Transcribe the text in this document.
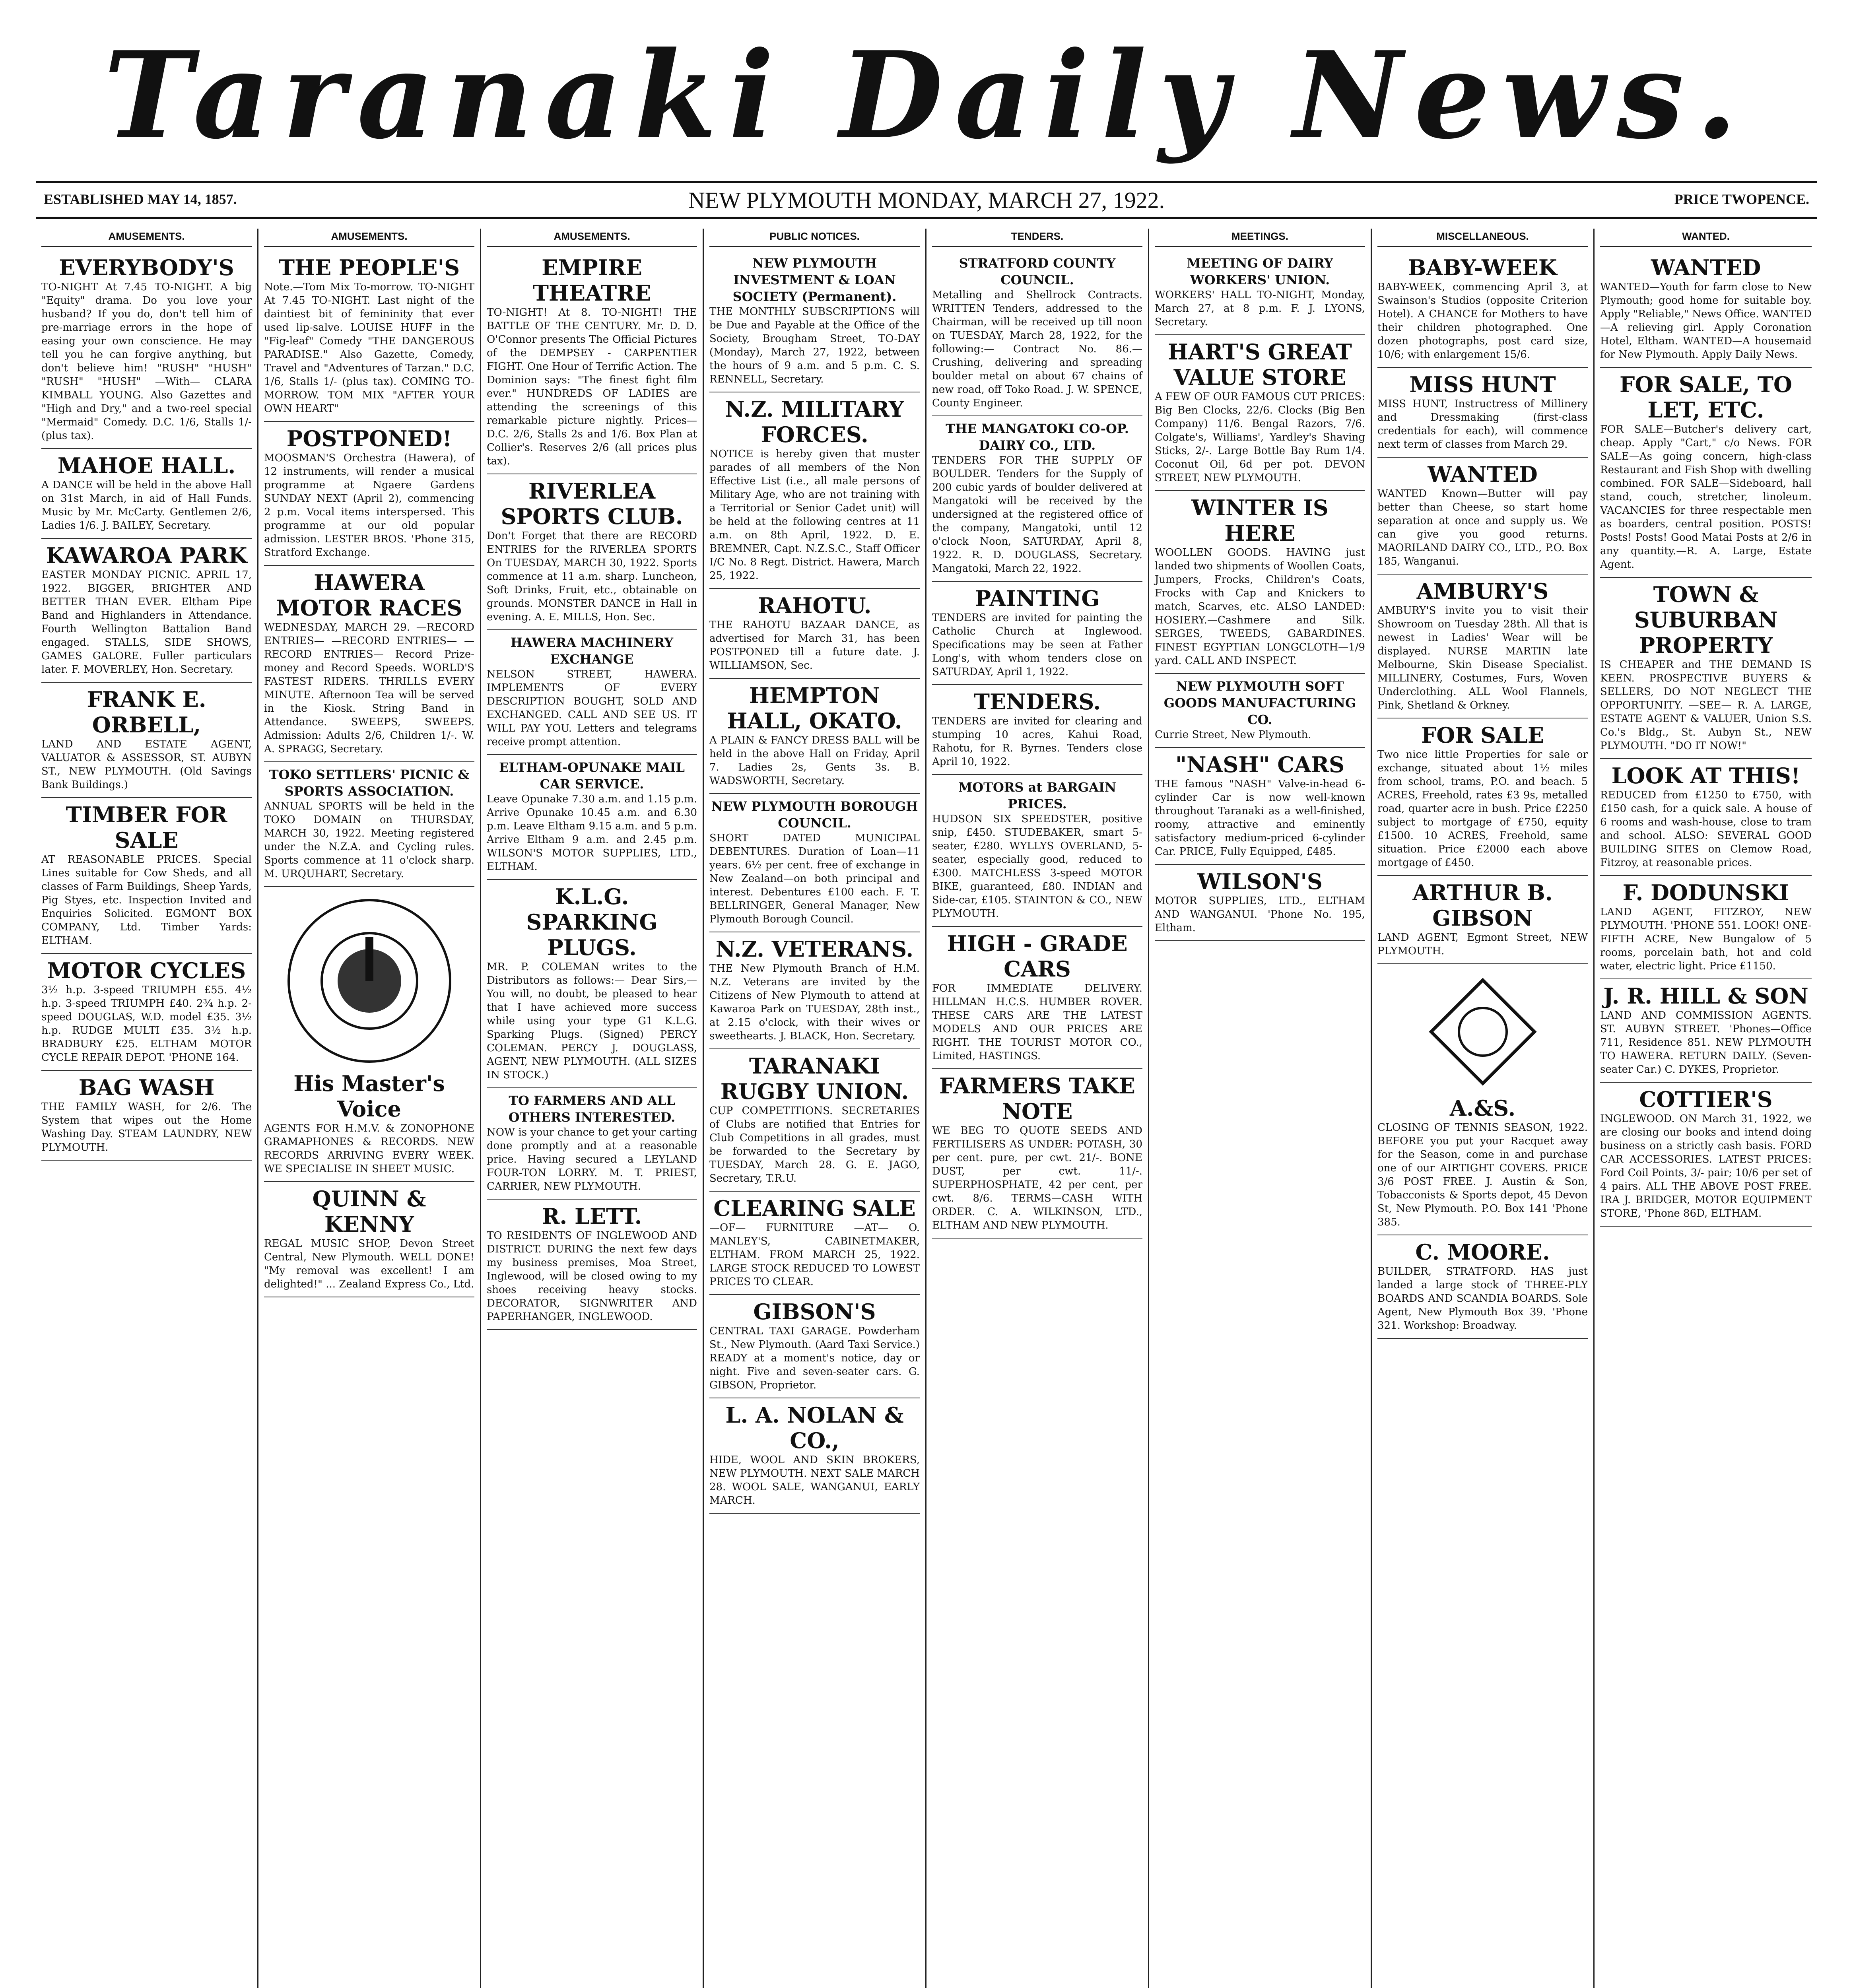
Taranaki Daily News.
ESTABLISHED MAY 14, 1857.	NEW PLYMOUTH MONDAY, MARCH 27, 1922.	PRICE TWOPENCE.
AMUSEMENTS.
EVERYBODY'S
TO-NIGHT At 7.45 TO-NIGHT. A big "Equity" drama. Do you love your husband? If you do, don't tell him of pre-marriage errors in the hope of easing your own conscience. He may tell you he can forgive anything, but don't believe him! "RUSH" "HUSH" "RUSH" "HUSH" —With— CLARA KIMBALL YOUNG. Also Gazettes and "High and Dry," and a two-reel special "Mermaid" Comedy. D.C. 1/6, Stalls 1/- (plus tax).
MAHOE HALL.
A DANCE will be held in the above Hall on 31st March, in aid of Hall Funds. Music by Mr. McCarty. Gentlemen 2/6, Ladies 1/6. J. BAILEY, Secretary.
KAWAROA PARK
EASTER MONDAY PICNIC. APRIL 17, 1922. BIGGER, BRIGHTER AND BETTER THAN EVER. Eltham Pipe Band and Highlanders in Attendance. Fourth Wellington Battalion Band engaged. STALLS, SIDE SHOWS, GAMES GALORE. Fuller particulars later. F. MOVERLEY, Hon. Secretary.
FRANK E. ORBELL,
LAND AND ESTATE AGENT, VALUATOR & ASSESSOR, ST. AUBYN ST., NEW PLYMOUTH. (Old Savings Bank Buildings.)
TIMBER FOR SALE
AT REASONABLE PRICES. Special Lines suitable for Cow Sheds, and all classes of Farm Buildings, Sheep Yards, Pig Styes, etc. Inspection Invited and Enquiries Solicited. EGMONT BOX COMPANY, Ltd. Timber Yards: ELTHAM.
MOTOR CYCLES
3½ h.p. 3-speed TRIUMPH £55. 4½ h.p. 3-speed TRIUMPH £40. 2¾ h.p. 2-speed DOUGLAS, W.D. model £35. 3½ h.p. RUDGE MULTI £35. 3½ h.p. BRADBURY £25. ELTHAM MOTOR CYCLE REPAIR DEPOT. 'PHONE 164.
BAG WASH
THE FAMILY WASH, for 2/6. The System that wipes out the Home Washing Day. STEAM LAUNDRY, NEW PLYMOUTH.
AMUSEMENTS.
THE PEOPLE'S
Note.—Tom Mix To-morrow. TO-NIGHT At 7.45 TO-NIGHT. Last night of the daintiest bit of femininity that ever used lip-salve. LOUISE HUFF in the "Fig-leaf" Comedy "THE DANGEROUS PARADISE." Also Gazette, Comedy, Travel and "Adventures of Tarzan." D.C. 1/6, Stalls 1/- (plus tax). COMING TO-MORROW. TOM MIX "AFTER YOUR OWN HEART"
POSTPONED!
MOOSMAN'S Orchestra (Hawera), of 12 instruments, will render a musical programme at Ngaere Gardens SUNDAY NEXT (April 2), commencing 2 p.m. Vocal items interspersed. This programme at our old popular admission. LESTER BROS. 'Phone 315, Stratford Exchange.
HAWERA MOTOR RACES
WEDNESDAY, MARCH 29. —RECORD ENTRIES— —RECORD ENTRIES— —RECORD ENTRIES— Record Prize-money and Record Speeds. WORLD'S FASTEST RIDERS. THRILLS EVERY MINUTE. Afternoon Tea will be served in the Kiosk. String Band in Attendance. SWEEPS, SWEEPS. Admission: Adults 2/6, Children 1/-. W. A. SPRAGG, Secretary.
TOKO SETTLERS' PICNIC & SPORTS ASSOCIATION.
ANNUAL SPORTS will be held in the TOKO DOMAIN on THURSDAY, MARCH 30, 1922. Meeting registered under the N.Z.A. and Cycling rules. Sports commence at 11 o'clock sharp. M. URQUHART, Secretary.
His Master's Voice
AGENTS FOR H.M.V. & ZONOPHONE GRAMAPHONES & RECORDS. NEW RECORDS ARRIVING EVERY WEEK. WE SPECIALISE IN SHEET MUSIC.
QUINN & KENNY
REGAL MUSIC SHOP, Devon Street Central, New Plymouth. WELL DONE! "My removal was excellent! I am delighted!" ... Zealand Express Co., Ltd.
AMUSEMENTS.
EMPIRE THEATRE
TO-NIGHT! At 8. TO-NIGHT! THE BATTLE OF THE CENTURY. Mr. D. D. O'Connor presents The Official Pictures of the DEMPSEY - CARPENTIER FIGHT. One Hour of Terrific Action. The Dominion says: "The finest fight film ever." HUNDREDS OF LADIES are attending the screenings of this remarkable picture nightly. Prices—D.C. 2/6, Stalls 2s and 1/6. Box Plan at Collier's. Reserves 2/6 (all prices plus tax).
RIVERLEA SPORTS CLUB.
Don't Forget that there are RECORD ENTRIES for the RIVERLEA SPORTS On TUESDAY, MARCH 30, 1922. Sports commence at 11 a.m. sharp. Luncheon, Soft Drinks, Fruit, etc., obtainable on grounds. MONSTER DANCE in Hall in evening. A. E. MILLS, Hon. Sec.
HAWERA MACHINERY EXCHANGE
NELSON STREET, HAWERA. IMPLEMENTS OF EVERY DESCRIPTION BOUGHT, SOLD AND EXCHANGED. CALL AND SEE US. IT WILL PAY YOU. Letters and telegrams receive prompt attention.
ELTHAM-OPUNAKE MAIL CAR SERVICE.
Leave Opunake 7.30 a.m. and 1.15 p.m. Arrive Opunake 10.45 a.m. and 6.30 p.m. Leave Eltham 9.15 a.m. and 5 p.m. Arrive Eltham 9 a.m. and 2.45 p.m. WILSON'S MOTOR SUPPLIES, LTD., ELTHAM.
K.L.G. SPARKING PLUGS.
MR. P. COLEMAN writes to the Distributors as follows:— Dear Sirs,—You will, no doubt, be pleased to hear that I have achieved more success while using your type G1 K.L.G. Sparking Plugs. (Signed) PERCY COLEMAN. PERCY J. DOUGLASS, AGENT, NEW PLYMOUTH. (ALL SIZES IN STOCK.)
TO FARMERS AND ALL OTHERS INTERESTED.
NOW is your chance to get your carting done promptly and at a reasonable price. Having secured a LEYLAND FOUR-TON LORRY. M. T. PRIEST, CARRIER, NEW PLYMOUTH.
R. LETT.
TO RESIDENTS OF INGLEWOOD AND DISTRICT. DURING the next few days my business premises, Moa Street, Inglewood, will be closed owing to my shoes receiving heavy stocks. DECORATOR, SIGNWRITER AND PAPERHANGER, INGLEWOOD.
PUBLIC NOTICES.
NEW PLYMOUTH INVESTMENT & LOAN SOCIETY (Permanent).
THE MONTHLY SUBSCRIPTIONS will be Due and Payable at the Office of the Society, Brougham Street, TO-DAY (Monday), March 27, 1922, between the hours of 9 a.m. and 5 p.m. C. S. RENNELL, Secretary.
N.Z. MILITARY FORCES.
NOTICE is hereby given that muster parades of all members of the Non Effective List (i.e., all male persons of Military Age, who are not training with a Territorial or Senior Cadet unit) will be held at the following centres at 11 a.m. on 8th April, 1922. D. E. BREMNER, Capt. N.Z.S.C., Staff Officer I/C No. 8 Regt. District. Hawera, March 25, 1922.
RAHOTU.
THE RAHOTU BAZAAR DANCE, as advertised for March 31, has been POSTPONED till a future date. J. WILLIAMSON, Sec.
HEMPTON HALL, OKATO.
A PLAIN & FANCY DRESS BALL will be held in the above Hall on Friday, April 7. Ladies 2s, Gents 3s. B. WADSWORTH, Secretary.
NEW PLYMOUTH BOROUGH COUNCIL.
SHORT DATED MUNICIPAL DEBENTURES. Duration of Loan—11 years. 6½ per cent. free of exchange in New Zealand—on both principal and interest. Debentures £100 each. F. T. BELLRINGER, General Manager, New Plymouth Borough Council.
N.Z. VETERANS.
THE New Plymouth Branch of H.M. N.Z. Veterans are invited by the Citizens of New Plymouth to attend at Kawaroa Park on TUESDAY, 28th inst., at 2.15 o'clock, with their wives or sweethearts. J. BLACK, Hon. Secretary.
TARANAKI RUGBY UNION.
CUP COMPETITIONS. SECRETARIES of Clubs are notified that Entries for Club Competitions in all grades, must be forwarded to the Secretary by TUESDAY, March 28. G. E. JAGO, Secretary, T.R.U.
CLEARING SALE
—OF— FURNITURE —AT— O. MANLEY'S, CABINETMAKER, ELTHAM. FROM MARCH 25, 1922. LARGE STOCK REDUCED TO LOWEST PRICES TO CLEAR.
GIBSON'S
CENTRAL TAXI GARAGE. Powderham St., New Plymouth. (Aard Taxi Service.) READY at a moment's notice, day or night. Five and seven-seater cars. G. GIBSON, Proprietor.
L. A. NOLAN & CO.,
HIDE, WOOL AND SKIN BROKERS, NEW PLYMOUTH. NEXT SALE MARCH 28. WOOL SALE, WANGANUI, EARLY MARCH.
TENDERS.
STRATFORD COUNTY COUNCIL.
Metalling and Shellrock Contracts. WRITTEN Tenders, addressed to the Chairman, will be received up till noon on TUESDAY, March 28, 1922, for the following:— Contract No. 86.—Crushing, delivering and spreading boulder metal on about 67 chains of new road, off Toko Road. J. W. SPENCE, County Engineer.
THE MANGATOKI CO-OP. DAIRY CO., LTD.
TENDERS FOR THE SUPPLY OF BOULDER. Tenders for the Supply of 200 cubic yards of boulder delivered at Mangatoki will be received by the undersigned at the registered office of the company, Mangatoki, until 12 o'clock Noon, SATURDAY, April 8, 1922. R. D. DOUGLASS, Secretary. Mangatoki, March 22, 1922.
PAINTING
TENDERS are invited for painting the Catholic Church at Inglewood. Specifications may be seen at Father Long's, with whom tenders close on SATURDAY, April 1, 1922.
TENDERS.
TENDERS are invited for clearing and stumping 10 acres, Kahui Road, Rahotu, for R. Byrnes. Tenders close April 10, 1922.
MOTORS at BARGAIN PRICES.
HUDSON SIX SPEEDSTER, positive snip, £450. STUDEBAKER, smart 5-seater, £280. WYLLYS OVERLAND, 5-seater, especially good, reduced to £300. MATCHLESS 3-speed MOTOR BIKE, guaranteed, £80. INDIAN and Side-car, £105. STAINTON & CO., NEW PLYMOUTH.
HIGH - GRADE CARS
FOR IMMEDIATE DELIVERY. HILLMAN H.C.S. HUMBER ROVER. THESE CARS ARE THE LATEST MODELS AND OUR PRICES ARE RIGHT. THE TOURIST MOTOR CO., Limited, HASTINGS.
FARMERS TAKE NOTE
WE BEG TO QUOTE SEEDS AND FERTILISERS AS UNDER: POTASH, 30 per cent. pure, per cwt. 21/-. BONE DUST, per cwt. 11/-. SUPERPHOSPHATE, 42 per cent, per cwt. 8/6. TERMS—CASH WITH ORDER. C. A. WILKINSON, LTD., ELTHAM AND NEW PLYMOUTH.
MEETINGS.
MEETING OF DAIRY WORKERS' UNION.
WORKERS' HALL TO-NIGHT, Monday, March 27, at 8 p.m. F. J. LYONS, Secretary.
HART'S GREAT VALUE STORE
A FEW OF OUR FAMOUS CUT PRICES: Big Ben Clocks, 22/6. Clocks (Big Ben Company) 11/6. Bengal Razors, 7/6. Colgate's, Williams', Yardley's Shaving Sticks, 2/-. Large Bottle Bay Rum 1/4. Coconut Oil, 6d per pot. DEVON STREET, NEW PLYMOUTH.
WINTER IS HERE
WOOLLEN GOODS. HAVING just landed two shipments of Woollen Coats, Jumpers, Frocks, Children's Coats, Frocks with Cap and Knickers to match, Scarves, etc. ALSO LANDED: HOSIERY.—Cashmere and Silk. SERGES, TWEEDS, GABARDINES. FINEST EGYPTIAN LONGCLOTH—1/9 yard. CALL AND INSPECT.
NEW PLYMOUTH SOFT GOODS MANUFACTURING CO.
Currie Street, New Plymouth.
"NASH" CARS
THE famous "NASH" Valve-in-head 6-cylinder Car is now well-known throughout Taranaki as a well-finished, roomy, attractive and eminently satisfactory medium-priced 6-cylinder Car. PRICE, Fully Equipped, £485.
WILSON'S
MOTOR SUPPLIES, LTD., ELTHAM AND WANGANUI. 'Phone No. 195, Eltham.
MISCELLANEOUS.
BABY-WEEK
BABY-WEEK, commencing April 3, at Swainson's Studios (opposite Criterion Hotel). A CHANCE for Mothers to have their children photographed. One dozen photographs, post card size, 10/6; with enlargement 15/6.
MISS HUNT
MISS HUNT, Instructress of Millinery and Dressmaking (first-class credentials for each), will commence next term of classes from March 29.
WANTED
WANTED Known—Butter will pay better than Cheese, so start home separation at once and supply us. We can give you good returns. MAORILAND DAIRY CO., LTD., P.O. Box 185, Wanganui.
AMBURY'S
AMBURY'S invite you to visit their Showroom on Tuesday 28th. All that is newest in Ladies' Wear will be displayed. NURSE MARTIN late Melbourne, Skin Disease Specialist. MILLINERY, Costumes, Furs, Woven Underclothing. ALL Wool Flannels, Pink, Shetland & Orkney.
FOR SALE
Two nice little Properties for sale or exchange, situated about 1½ miles from school, trams, P.O. and beach. 5 ACRES, Freehold, rates £3 9s, metalled road, quarter acre in bush. Price £2250 subject to mortgage of £750, equity £1500. 10 ACRES, Freehold, same situation. Price £2000 each above mortgage of £450.
ARTHUR B. GIBSON
LAND AGENT, Egmont Street, NEW PLYMOUTH.
A.&S.
CLOSING OF TENNIS SEASON, 1922. BEFORE you put your Racquet away for the Season, come in and purchase one of our AIRTIGHT COVERS. PRICE 3/6 POST FREE. J. Austin & Son, Tobacconists & Sports depot, 45 Devon St, New Plymouth. P.O. Box 141 'Phone 385.
C. MOORE.
BUILDER, STRATFORD. HAS just landed a large stock of THREE-PLY BOARDS AND SCANDIA BOARDS. Sole Agent, New Plymouth Box 39. 'Phone 321. Workshop: Broadway.
WANTED.
WANTED
WANTED—Youth for farm close to New Plymouth; good home for suitable boy. Apply "Reliable," News Office. WANTED—A relieving girl. Apply Coronation Hotel, Eltham. WANTED—A housemaid for New Plymouth. Apply Daily News.
FOR SALE, TO LET, ETC.
FOR SALE—Butcher's delivery cart, cheap. Apply "Cart," c/o News. FOR SALE—As going concern, high-class Restaurant and Fish Shop with dwelling combined. FOR SALE—Sideboard, hall stand, couch, stretcher, linoleum. VACANCIES for three respectable men as boarders, central position. POSTS! Posts! Posts! Good Matai Posts at 2/6 in any quantity.—R. A. Large, Estate Agent.
TOWN & SUBURBAN PROPERTY
IS CHEAPER and THE DEMAND IS KEEN. PROSPECTIVE BUYERS & SELLERS, DO NOT NEGLECT THE OPPORTUNITY. —SEE— R. A. LARGE, ESTATE AGENT & VALUER, Union S.S. Co.'s Bldg., St. Aubyn St., NEW PLYMOUTH. "DO IT NOW!"
LOOK AT THIS!
REDUCED from £1250 to £750, with £150 cash, for a quick sale. A house of 6 rooms and wash-house, close to tram and school. ALSO: SEVERAL GOOD BUILDING SITES on Clemow Road, Fitzroy, at reasonable prices.
F. DODUNSKI
LAND AGENT, FITZROY, NEW PLYMOUTH. 'PHONE 551. LOOK! ONE-FIFTH ACRE, New Bungalow of 5 rooms, porcelain bath, hot and cold water, electric light. Price £1150.
J. R. HILL & SON
LAND AND COMMISSION AGENTS. ST. AUBYN STREET. 'Phones—Office 711, Residence 851. NEW PLYMOUTH TO HAWERA. RETURN DAILY. (Seven-seater Car.) C. DYKES, Proprietor.
COTTIER'S
INGLEWOOD. ON March 31, 1922, we are closing our books and intend doing business on a strictly cash basis. FORD CAR ACCESSORIES. LATEST PRICES: Ford Coil Points, 3/- pair; 10/6 per set of 4 pairs. ALL THE ABOVE POST FREE. IRA J. BRIDGER, MOTOR EQUIPMENT STORE, 'Phone 86D, ELTHAM.
